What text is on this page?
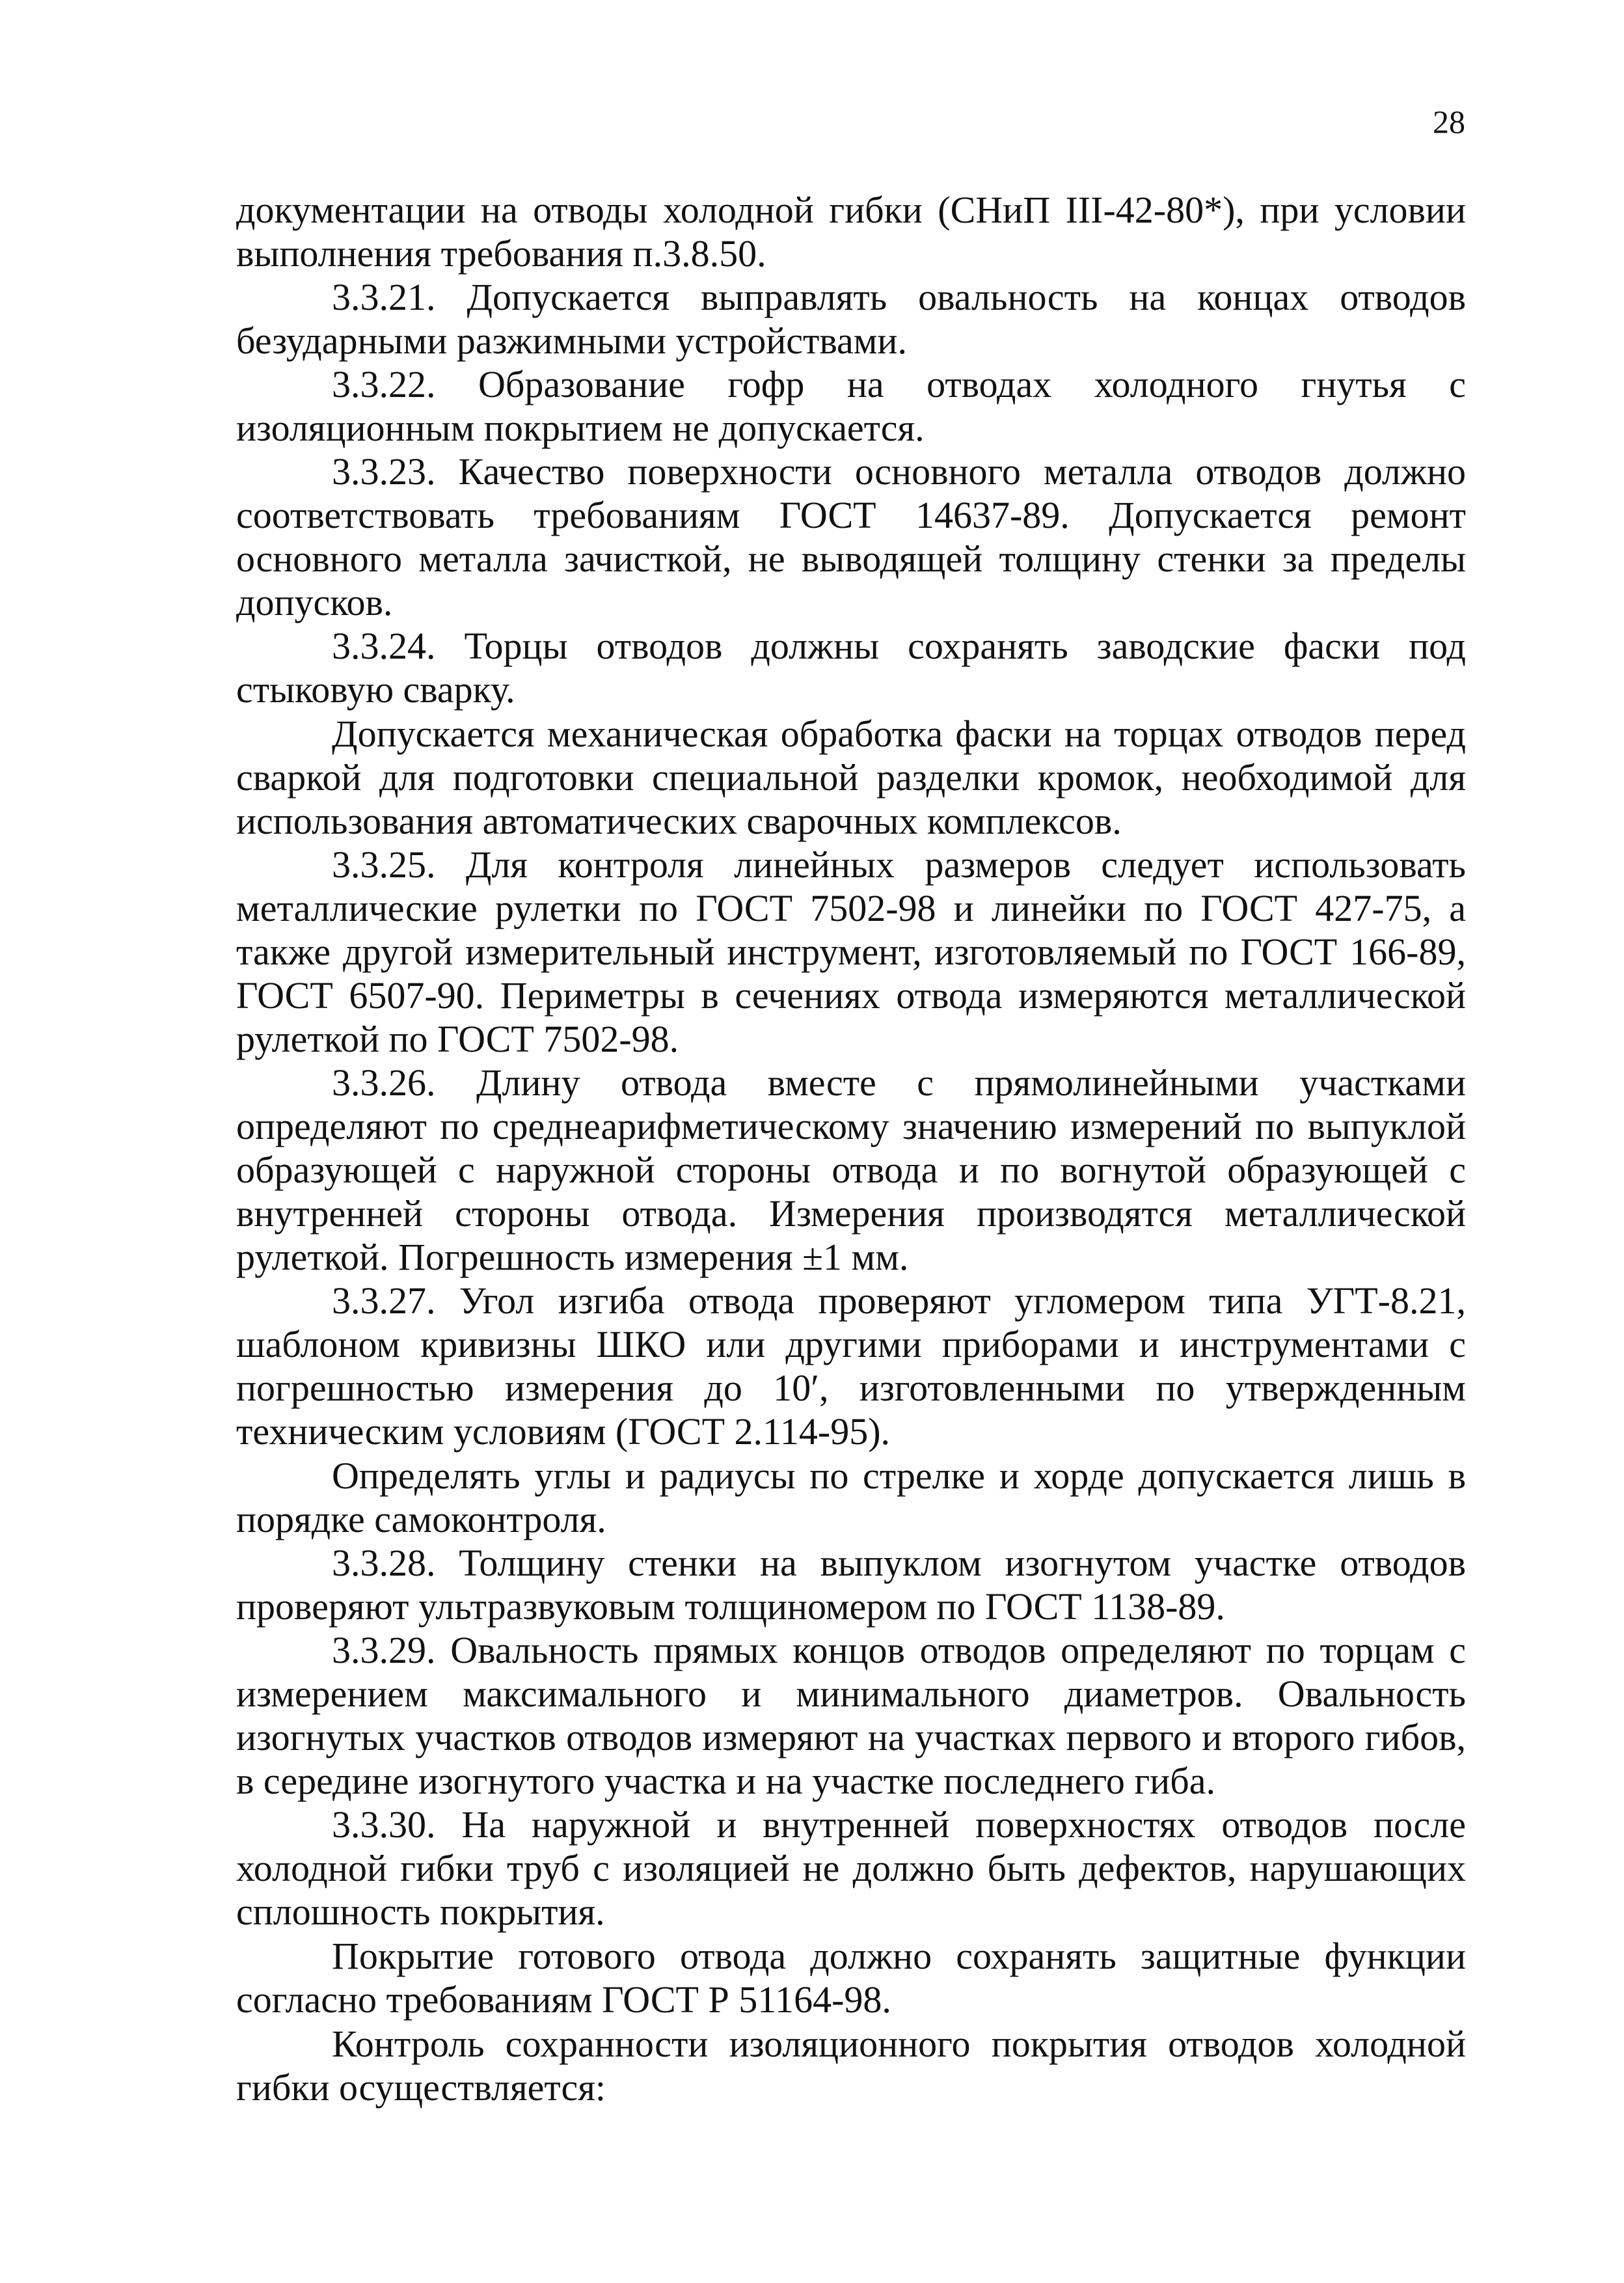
28

документации на отводы холодной гибки (СНиП III-42-80*), при условии выполнения требования п.3.8.50.

3.3.21. Допускается выправлять овальность на концах отводов безударными разжимными устройствами.

3.3.22. Образование гофр на отводах холодного гнутья с изоляционным покрытием не допускается.

3.3.23. Качество поверхности основного металла отводов должно соответствовать требованиям ГОСТ 14637-89. Допускается ремонт основного металла зачисткой, не выводящей толщину стенки за пределы допусков.

3.3.24. Торцы отводов должны сохранять заводские фаски под стыковую сварку.

Допускается механическая обработка фаски на торцах отводов перед сваркой для подготовки специальной разделки кромок, необходимой для использования автоматических сварочных комплексов.

3.3.25. Для контроля линейных размеров следует использовать металлические рулетки по ГОСТ 7502-98 и линейки по ГОСТ 427-75, а также другой измерительный инструмент, изготовляемый по ГОСТ 166-89, ГОСТ 6507-90. Периметры в сечениях отвода измеряются металлической рулеткой по ГОСТ 7502-98.

3.3.26. Длину отвода вместе с прямолинейными участками определяют по среднеарифметическому значению измерений по выпуклой образующей с наружной стороны отвода и по вогнутой образующей с внутренней стороны отвода. Измерения производятся металлической рулеткой. Погрешность измерения ±1 мм.

3.3.27. Угол изгиба отвода проверяют угломером типа УГТ-8.21, шаблоном кривизны ШКО или другими приборами и инструментами с погрешностью измерения до 10′, изготовленными по утвержденным техническим условиям (ГОСТ 2.114-95).

Определять углы и радиусы по стрелке и хорде допускается лишь в порядке самоконтроля.

3.3.28. Толщину стенки на выпуклом изогнутом участке отводов проверяют ультразвуковым толщиномером по ГОСТ 1138-89.

3.3.29. Овальность прямых концов отводов определяют по торцам с измерением максимального и минимального диаметров. Овальность изогнутых участков отводов измеряют на участках первого и второго гибов, в середине изогнутого участка и на участке последнего гиба.

3.3.30. На наружной и внутренней поверхностях отводов после холодной гибки труб с изоляцией не должно быть дефектов, нарушающих сплошность покрытия.

Покрытие готового отвода должно сохранять защитные функции согласно требованиям ГОСТ Р 51164-98.

Контроль сохранности изоляционного покрытия отводов холодной гибки осуществляется:
